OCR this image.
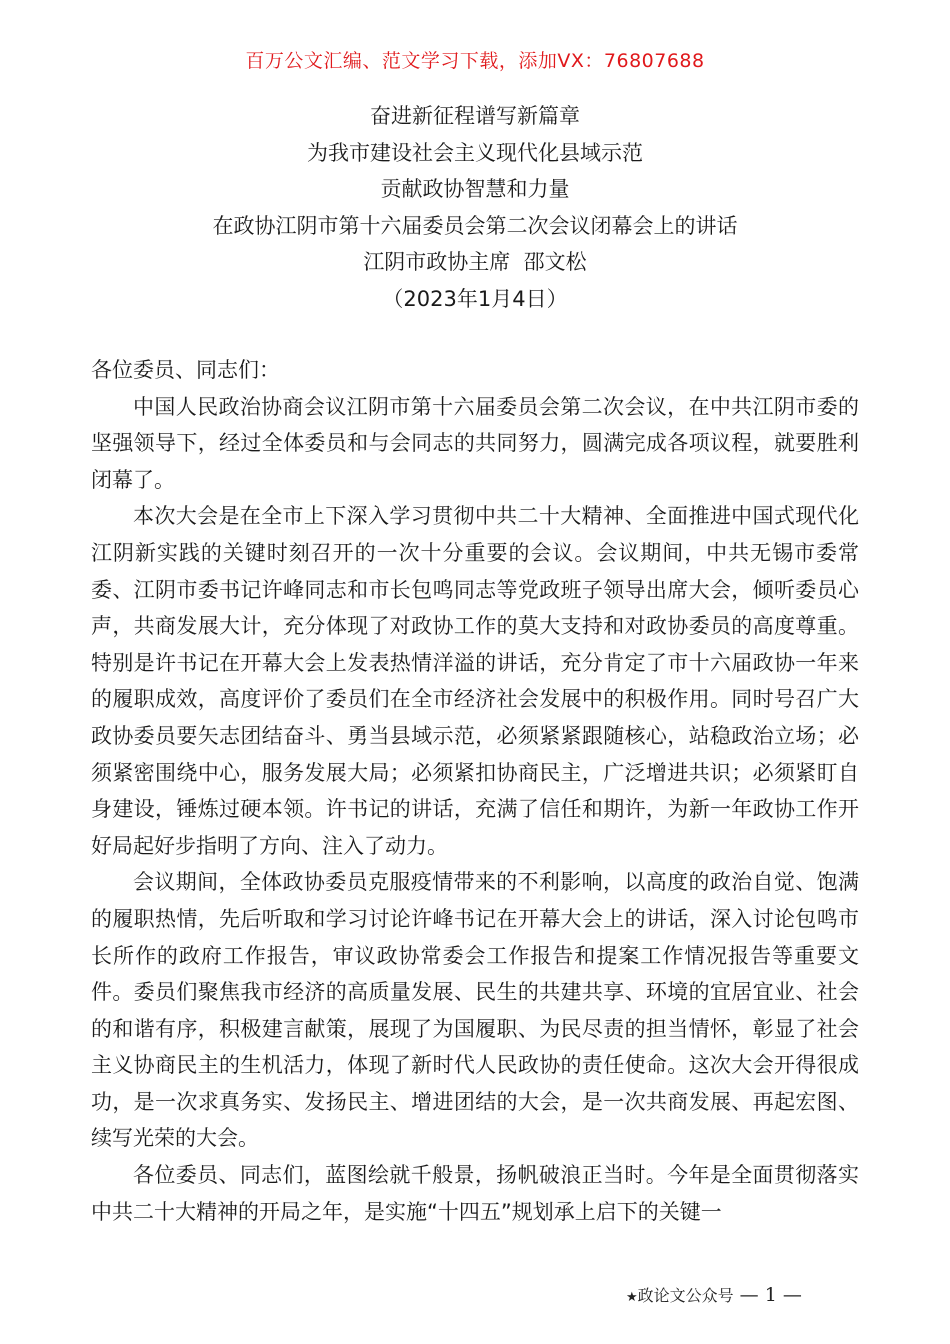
百万公文汇编、范文学习下载，添加VX：76807688
奋进新征程谱写新篇章
为我市建设社会主义现代化县域示范
贡献政协智慧和力量
在政协江阴市第十六届委员会第二次会议闭幕会上的讲话
江阴市政协主席  邵文松
（2023年1月4日）

各位委员、同志们：

中国人民政治协商会议江阴市第十六届委员会第二次会议，在中共江阴市委的坚强领导下，经过全体委员和与会同志的共同努力，圆满完成各项议程，就要胜利闭幕了。

本次大会是在全市上下深入学习贯彻中共二十大精神、全面推进中国式现代化江阴新实践的关键时刻召开的一次十分重要的会议。会议期间，中共无锡市委常委、江阴市委书记许峰同志和市长包鸣同志等党政班子领导出席大会，倾听委员心声，共商发展大计，充分体现了对政协工作的莫大支持和对政协委员的高度尊重。特别是许书记在开幕大会上发表热情洋溢的讲话，充分肯定了市十六届政协一年来的履职成效，高度评价了委员们在全市经济社会发展中的积极作用。同时号召广大政协委员要矢志团结奋斗、勇当县域示范，必须紧紧跟随核心，站稳政治立场；必须紧密围绕中心，服务发展大局；必须紧扣协商民主，广泛增进共识；必须紧盯自身建设，锤炼过硬本领。许书记的讲话，充满了信任和期许，为新一年政协工作开好局起好步指明了方向、注入了动力。

会议期间，全体政协委员克服疫情带来的不利影响，以高度的政治自觉、饱满的履职热情，先后听取和学习讨论许峰书记在开幕大会上的讲话，深入讨论包鸣市长所作的政府工作报告，审议政协常委会工作报告和提案工作情况报告等重要文件。委员们聚焦我市经济的高质量发展、民生的共建共享、环境的宜居宜业、社会的和谐有序，积极建言献策，展现了为国履职、为民尽责的担当情怀，彰显了社会主义协商民主的生机活力，体现了新时代人民政协的责任使命。这次大会开得很成功，是一次求真务实、发扬民主、增进团结的大会，是一次共商发展、再起宏图、续写光荣的大会。

各位委员、同志们，蓝图绘就千般景，扬帆破浪正当时。今年是全面贯彻落实中共二十大精神的开局之年，是实施“十四五”规划承上启下的关键一

★政论文公众号 — 1 —
